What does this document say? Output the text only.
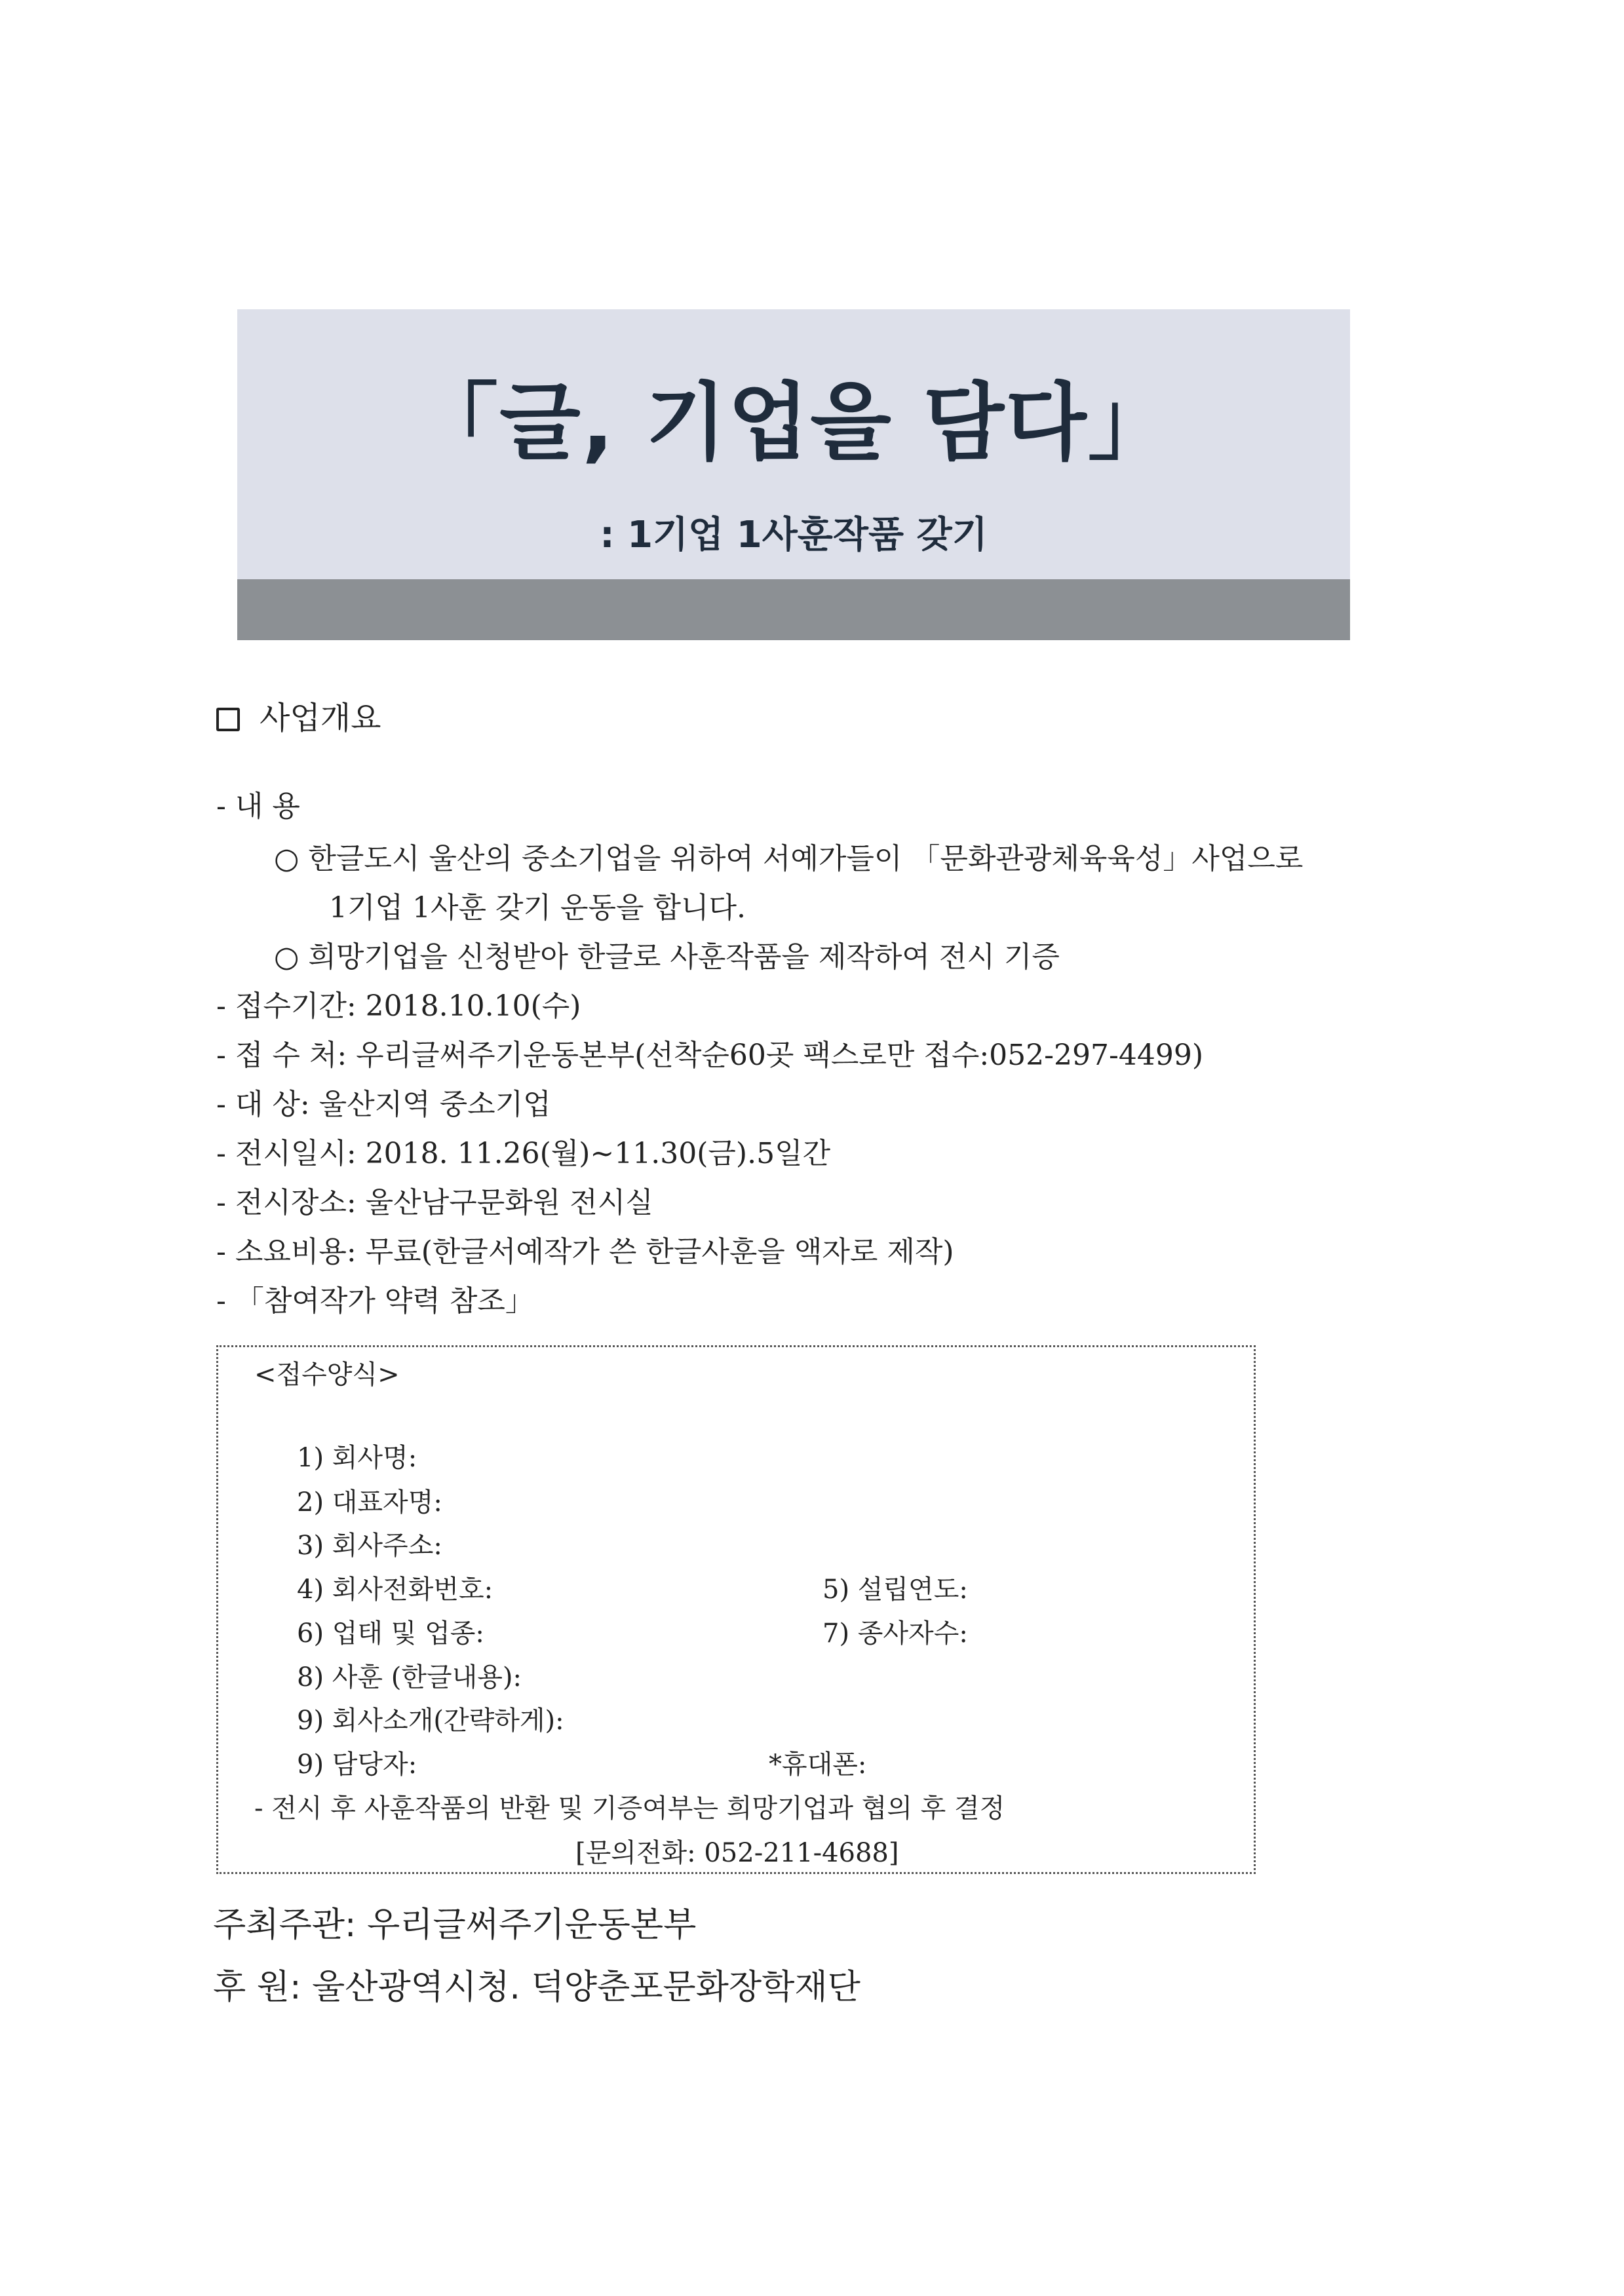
「글, 기업을 담다」
: 1기업 1사훈작품 갖기
사업개요
- 내 용
○ 한글도시 울산의 중소기업을 위하여 서예가들이 「문화관광체육육성」사업으로
1기업 1사훈 갖기 운동을 합니다.
○ 희망기업을 신청받아 한글로 사훈작품을 제작하여 전시 기증
- 접수기간: 2018.10.10(수)
- 접 수 처: 우리글써주기운동본부(선착순60곳 팩스로만 접수:052-297-4499)
- 대 상: 울산지역 중소기업
- 전시일시: 2018. 11.26(월)~11.30(금).5일간
- 전시장소: 울산남구문화원 전시실
- 소요비용: 무료(한글서예작가 쓴 한글사훈을 액자로 제작)
- 「참여작가 약력 참조」
<접수양식>
1) 회사명:
2) 대표자명:
3) 회사주소:
4) 회사전화번호:	5) 설립연도:
6) 업태 및 업종:	7) 종사자수:
8) 사훈 (한글내용):
9) 회사소개(간략하게):
9) 담당자:	*휴대폰:
- 전시 후 사훈작품의 반환 및 기증여부는 희망기업과 협의 후 결정
[문의전화: 052-211-4688]
주최주관: 우리글써주기운동본부
후 원: 울산광역시청. 덕양춘포문화장학재단
